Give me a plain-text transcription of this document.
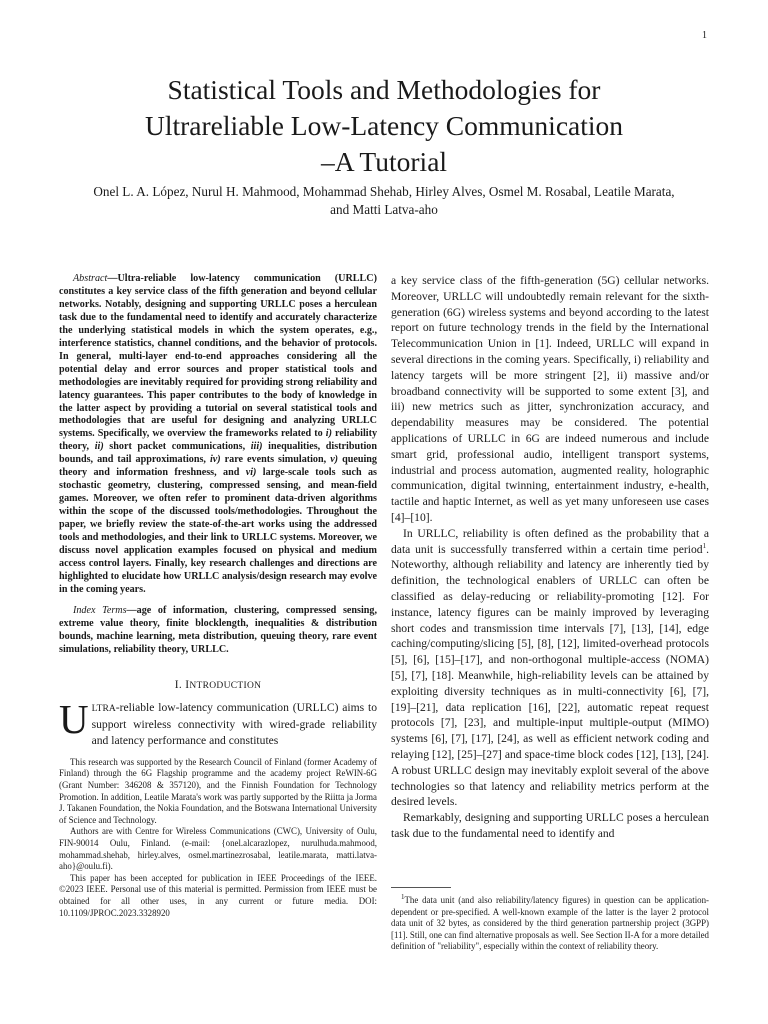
1
Statistical Tools and Methodologies for
Ultrareliable Low-Latency Communication
–A Tutorial
Onel L. A. López, Nurul H. Mahmood, Mohammad Shehab, Hirley Alves, Osmel M. Rosabal, Leatile Marata,
and Matti Latva-aho

Abstract—Ultra-reliable low-latency communication (URLLC) constitutes a key service class of the fifth generation and beyond cellular networks. Notably, designing and supporting URLLC poses a herculean task due to the fundamental need to identify and accurately characterize the underlying statistical models in which the system operates, e.g., interference statistics, channel conditions, and the behavior of protocols. In general, multi-layer end-to-end approaches considering all the potential delay and error sources and proper statistical tools and methodologies are inevitably required for providing strong reliability and latency guarantees. This paper contributes to the body of knowledge in the latter aspect by providing a tutorial on several statistical tools and methodologies that are useful for designing and analyzing URLLC systems. Specifically, we overview the frameworks related to i) reliability theory, ii) short packet communications, iii) inequalities, distribution bounds, and tail approximations, iv) rare events simulation, v) queuing theory and information freshness, and vi) large-scale tools such as stochastic geometry, clustering, compressed sensing, and mean-field games. Moreover, we often refer to prominent data-driven algorithms within the scope of the discussed tools/methodologies. Throughout the paper, we briefly review the state-of-the-art works using the addressed tools and methodologies, and their link to URLLC systems. Moreover, we discuss novel application examples focused on physical and medium access control layers. Finally, key research challenges and directions are highlighted to elucidate how URLLC analysis/design research may evolve in the coming years.

Index Terms—age of information, clustering, compressed sensing, extreme value theory, finite blocklength, inequalities & distribution bounds, machine learning, meta distribution, queuing theory, rare event simulations, reliability theory, URLLC.

I. INTRODUCTION

ULTRA-reliable low-latency communication (URLLC) aims to support wireless connectivity with wired-grade reliability and latency performance and constitutes

This research was supported by the Research Council of Finland (former Academy of Finland) through the 6G Flagship programme and the academy project ReWIN-6G (Grant Number: 346208 & 357120), and the Finnish Foundation for Technology Promotion. In addition, Leatile Marata's work was partly supported by the Riitta ja Jorma J. Takanen Foundation, the Nokia Foundation, and the Botswana International University of Science and Technology.

Authors are with Centre for Wireless Communications (CWC), University of Oulu, FIN-90014 Oulu, Finland. (e-mail: {onel.alcarazlopez, nurulhuda.mahmood, mohammad.shehab, hirley.alves, osmel.martinezrosabal, leatile.marata, matti.latva-aho}@oulu.fi).

This paper has been accepted for publication in IEEE Proceedings of the IEEE. ©2023 IEEE. Personal use of this material is permitted. Permission from IEEE must be obtained for all other uses, in any current or future media. DOI: 10.1109/JPROC.2023.3328920

a key service class of the fifth-generation (5G) cellular networks. Moreover, URLLC will undoubtedly remain relevant for the sixth-generation (6G) wireless systems and beyond according to the latest report on future technology trends in the field by the International Telecommunication Union in [1]. Indeed, URLLC will expand in several directions in the coming years. Specifically, i) reliability and latency targets will be more stringent [2], ii) massive and/or broadband connectivity will be supported to some extent [3], and iii) new metrics such as jitter, synchronization accuracy, and dependability measures may be considered. The potential applications of URLLC in 6G are indeed numerous and include smart grid, professional audio, intelligent transport systems, industrial and process automation, augmented reality, holographic communication, digital twinning, entertainment industry, e-health, tactile and haptic Internet, as well as yet many unforeseen use cases [4]–[10].

In URLLC, reliability is often defined as the probability that a data unit is successfully transferred within a certain time period$^1$. Noteworthy, although reliability and latency are inherently tied by definition, the technological enablers of URLLC can often be classified as delay-reducing or reliability-promoting [12]. For instance, latency figures can be mainly improved by leveraging short codes and transmission time intervals [7], [13], [14], edge caching/computing/slicing [5], [8], [12], limited-overhead protocols [5], [6], [15]–[17], and non-orthogonal multiple-access (NOMA) [5], [7], [18]. Meanwhile, high-reliability levels can be attained by exploiting diversity techniques as in multi-connectivity [6], [7], [19]–[21], data replication [16], [22], automatic repeat request protocols [7], [23], and multiple-input multiple-output (MIMO) systems [6], [7], [17], [24], as well as efficient network coding and relaying [12], [25]–[27] and space-time block codes [12], [13], [24]. A robust URLLC design may inevitably exploit several of the above technologies so that latency and reliability metrics perform at the desired levels.

Remarkably, designing and supporting URLLC poses a herculean task due to the fundamental need to identify and

$^1$The data unit (and also reliability/latency figures) in question can be application-dependent or pre-specified. A well-known example of the latter is the layer 2 protocol data unit of 32 bytes, as considered by the third generation partnership project (3GPP) [11]. Still, one can find alternative proposals as well. See Section II-A for a more detailed definition of "reliability", especially within the context of reliability theory.
